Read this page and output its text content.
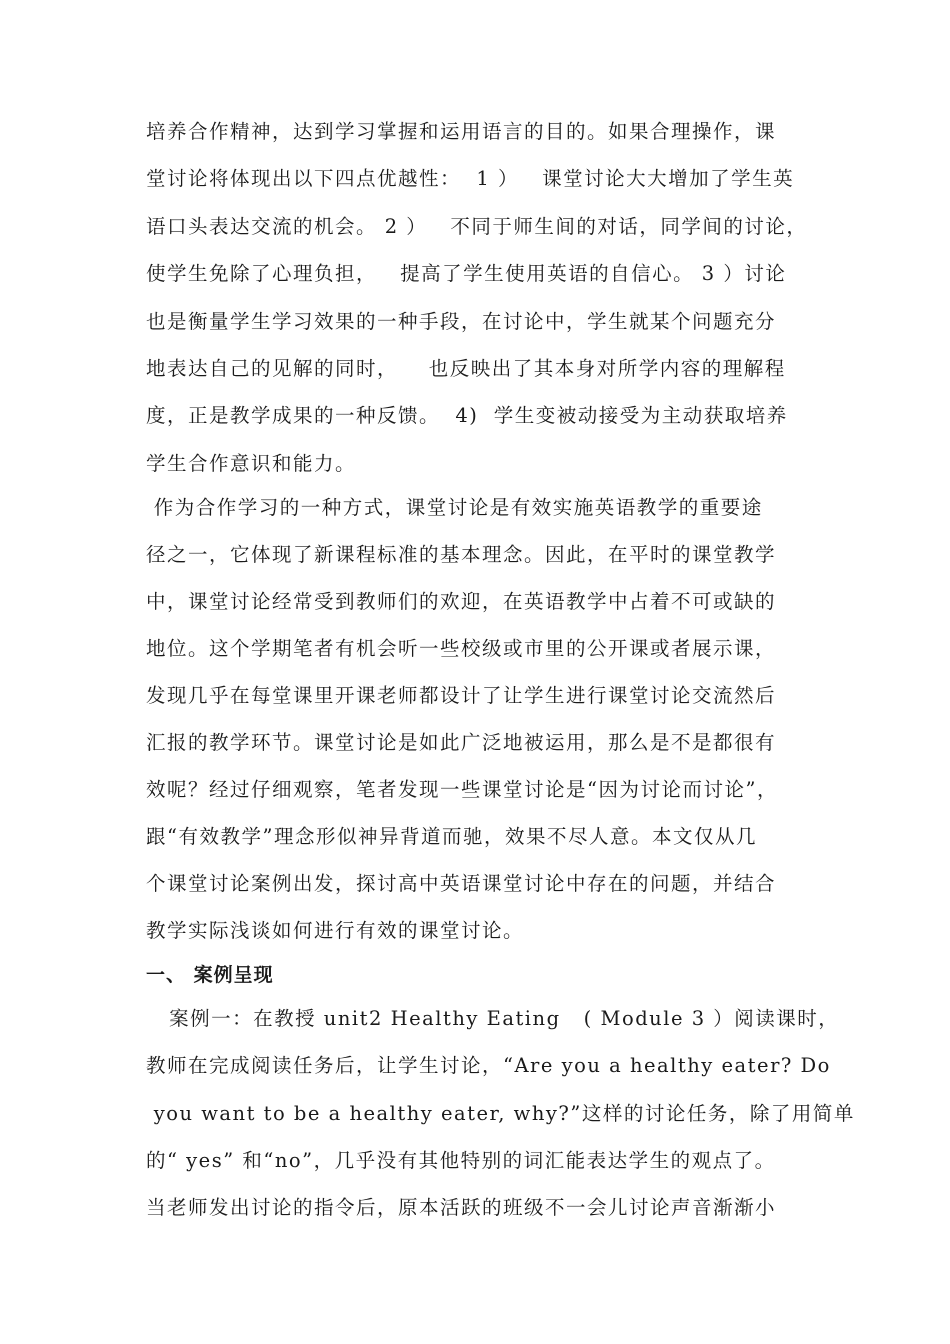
培养合作精神，达到学习掌握和运用语言的目的。如果合理操作，课
堂讨论将体现出以下四点优越性：  1 ）   课堂讨论大大增加了学生英
语口头表达交流的机会。 2 ）   不同于师生间的对话，同学间的讨论，
使学生免除了心理负担，   提高了学生使用英语的自信心。 3 ）讨论
也是衡量学生学习效果的一种手段，在讨论中，学生就某个问题充分
地表达自己的见解的同时，    也反映出了其本身对所学内容的理解程
度，正是教学成果的一种反馈。  4)  学生变被动接受为主动获取培养
学生合作意识和能力。
作为合作学习的一种方式，课堂讨论是有效实施英语教学的重要途
径之一，它体现了新课程标准的基本理念。因此，在平时的课堂教学
中，课堂讨论经常受到教师们的欢迎，在英语教学中占着不可或缺的
地位。这个学期笔者有机会听一些校级或市里的公开课或者展示课，
发现几乎在每堂课里开课老师都设计了让学生进行课堂讨论交流然后
汇报的教学环节。课堂讨论是如此广泛地被运用，那么是不是都很有
效呢？经过仔细观察，笔者发现一些课堂讨论是“因为讨论而讨论”，
跟“有效教学”理念形似神异背道而驰，效果不尽人意。本文仅从几
个课堂讨论案例出发，探讨高中英语课堂讨论中存在的问题，并结合
教学实际浅谈如何进行有效的课堂讨论。
一、 案例呈现
案例一：在教授 unit2 Healthy Eating   ( Module 3 ）阅读课时，
教师在完成阅读任务后，让学生讨论，“Are you a healthy eater? Do
you want to be a healthy eater, why?”这样的讨论任务，除了用简单
的“ yes” 和“no”，几乎没有其他特别的词汇能表达学生的观点了。
当老师发出讨论的指令后，原本活跃的班级不一会儿讨论声音渐渐小
